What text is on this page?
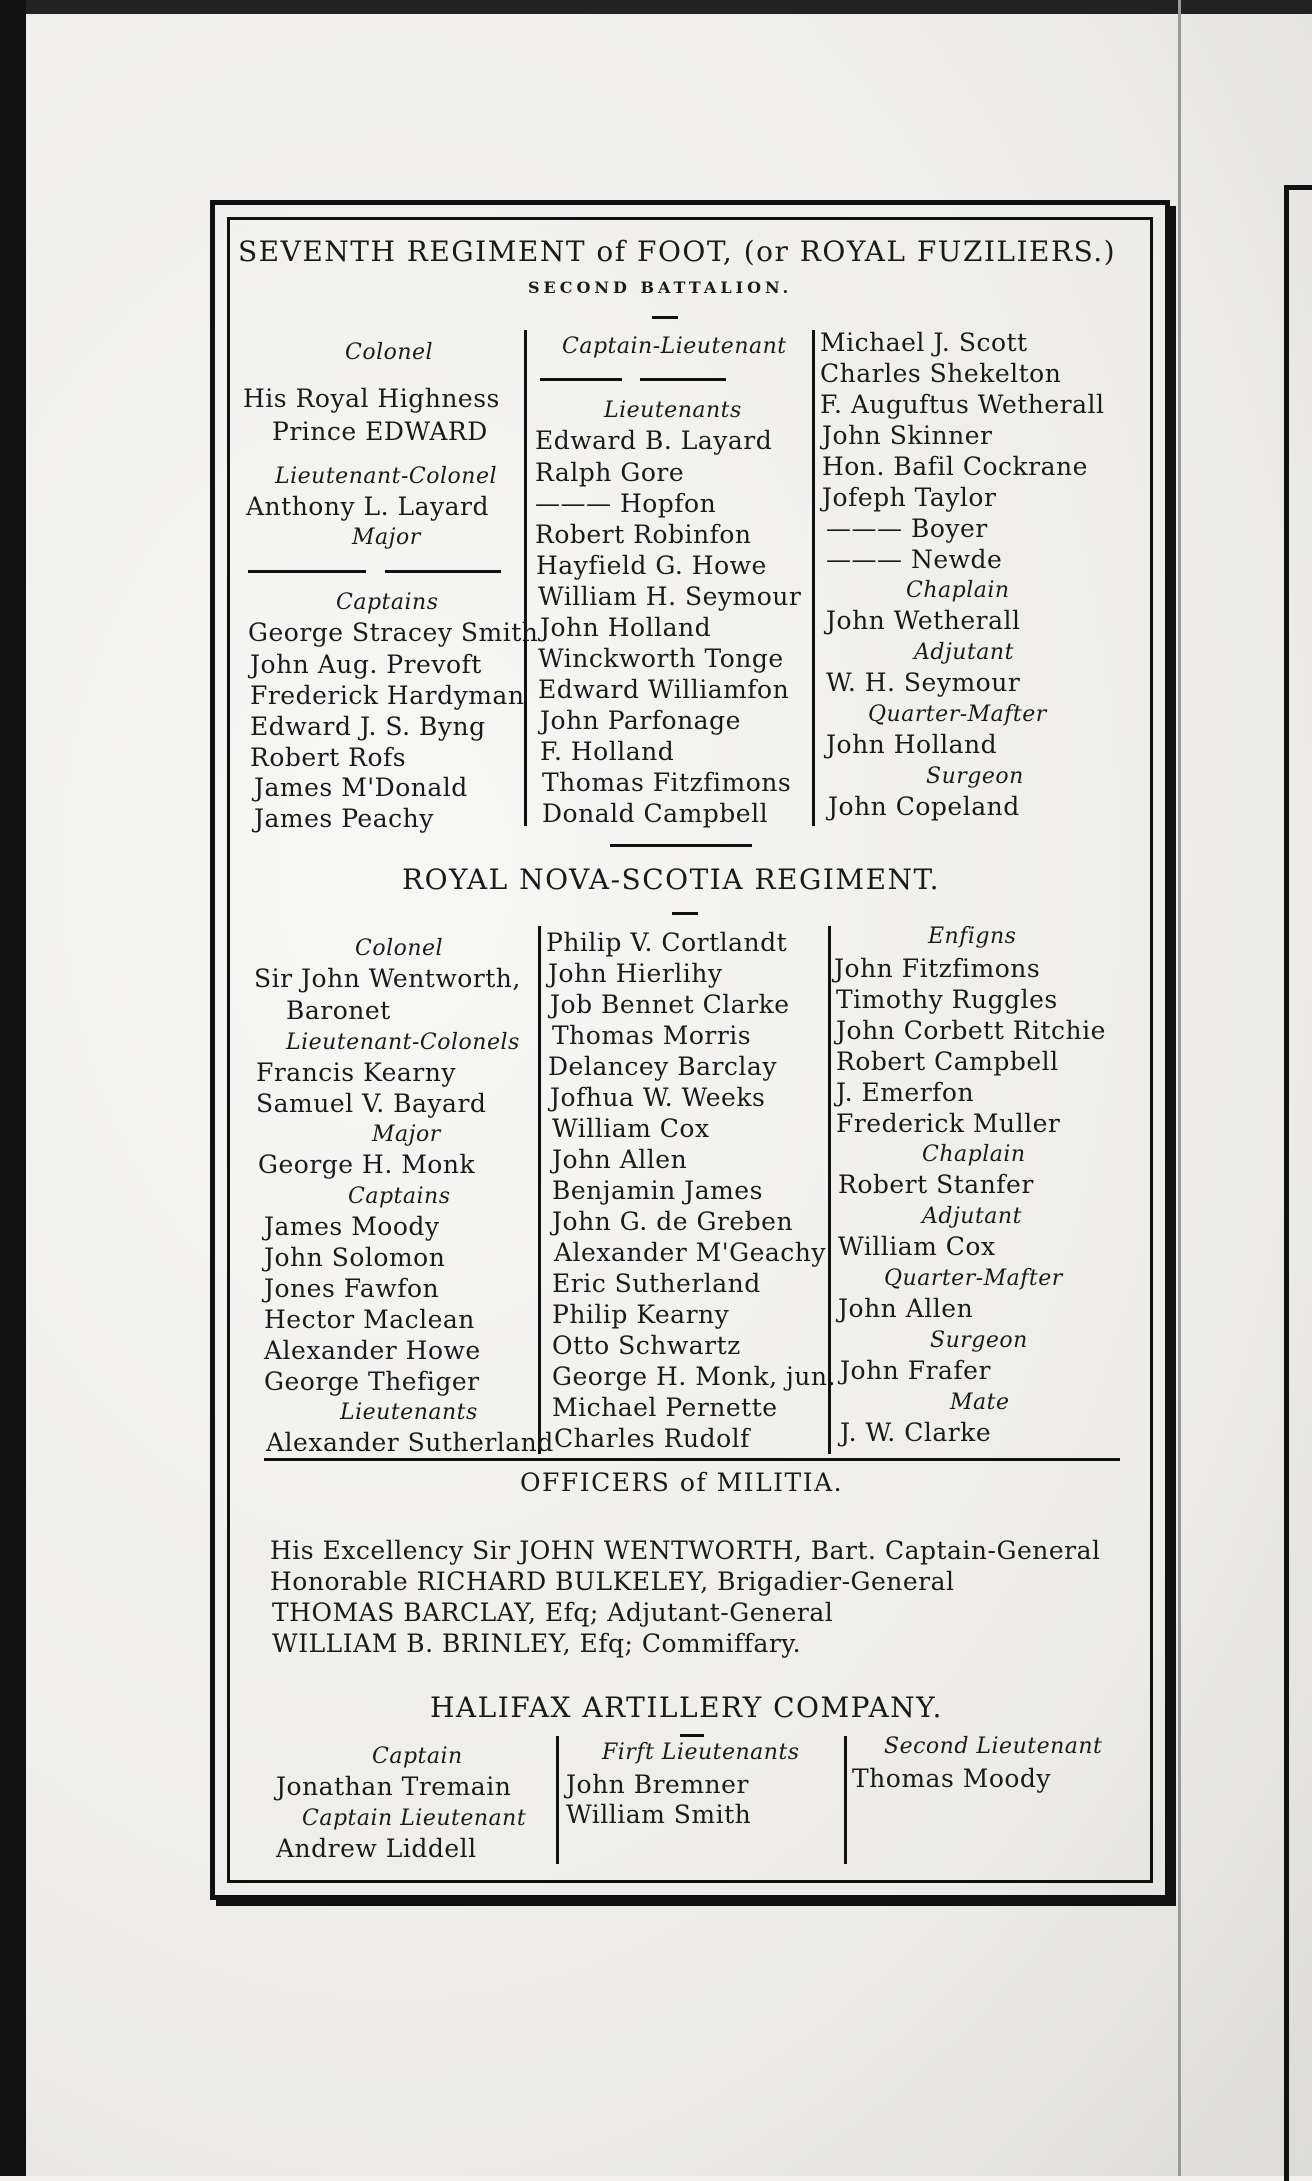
SEVENTH REGIMENT of FOOT, (or ROYAL FUZILIERS.)
SECOND BATTALION.
Colonel
His Royal Highness
Prince EDWARD
Lieutenant-Colonel
Anthony L. Layard
Major
Captains
George Stracey Smith
John Aug. Prevoft
Frederick Hardyman
Edward J. S. Byng
Robert Rofs
James M'Donald
James Peachy
Captain-Lieutenant
Lieutenants
Edward B. Layard
Ralph Gore
——— Hopfon
Robert Robinfon
Hayfield G. Howe
William H. Seymour
John Holland
Winckworth Tonge
Edward Williamfon
John Parfonage
F. Holland
Thomas Fitzfimons
Donald Campbell
Michael J. Scott
Charles Shekelton
F. Auguftus Wetherall
John Skinner
Hon. Bafil Cockrane
Jofeph Taylor
——— Boyer
——— Newde
Chaplain
John Wetherall
Adjutant
W. H. Seymour
Quarter-Mafter
John Holland
Surgeon
John Copeland
ROYAL NOVA-SCOTIA REGIMENT.
Colonel
Sir John Wentworth,
Baronet
Lieutenant-Colonels
Francis Kearny
Samuel V. Bayard
Major
George H. Monk
Captains
James Moody
John Solomon
Jones Fawfon
Hector Maclean
Alexander Howe
George Thefiger
Lieutenants
Alexander Sutherland
Philip V. Cortlandt
John Hierlihy
Job Bennet Clarke
Thomas Morris
Delancey Barclay
Jofhua W. Weeks
William Cox
John Allen
Benjamin James
John G. de Greben
Alexander M'Geachy
Eric Sutherland
Philip Kearny
Otto Schwartz
George H. Monk, jun.
Michael Pernette
Charles Rudolf
Enfigns
John Fitzfimons
Timothy Ruggles
John Corbett Ritchie
Robert Campbell
J. Emerfon
Frederick Muller
Chaplain
Robert Stanfer
Adjutant
William Cox
Quarter-Mafter
John Allen
Surgeon
John Frafer
Mate
J. W. Clarke
OFFICERS of MILITIA.
His Excellency Sir JOHN WENTWORTH, Bart. Captain-General
Honorable RICHARD BULKELEY, Brigadier-General
THOMAS BARCLAY, Efq; Adjutant-General
WILLIAM B. BRINLEY, Efq; Commiffary.
HALIFAX ARTILLERY COMPANY.
Captain
Jonathan Tremain
Captain Lieutenant
Andrew Liddell
Firft Lieutenants
John Bremner
William Smith
Second Lieutenant
Thomas Moody
